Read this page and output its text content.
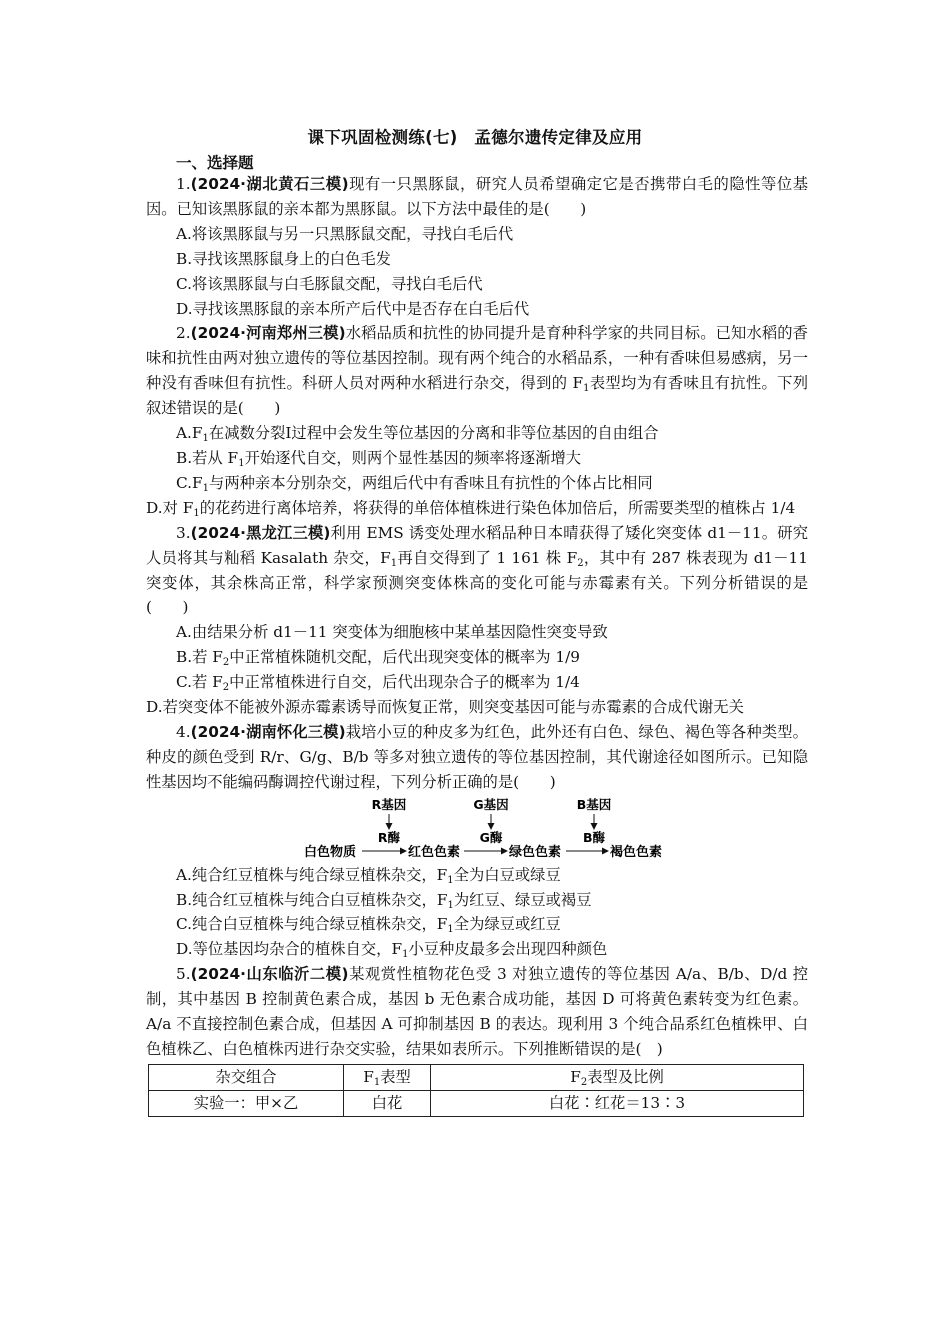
课下巩固检测练(七)　孟德尔遗传定律及应用
一、选择题
1.(2024·湖北黄石三模)现有一只黑豚鼠，研究人员希望确定它是否携带白毛的隐性等位基因。已知该黑豚鼠的亲本都为黑豚鼠。以下方法中最佳的是(　　)
A.将该黑豚鼠与另一只黑豚鼠交配，寻找白毛后代
B.寻找该黑豚鼠身上的白色毛发
C.将该黑豚鼠与白毛豚鼠交配，寻找白毛后代
D.寻找该黑豚鼠的亲本所产后代中是否存在白毛后代
2.(2024·河南郑州三模)水稻品质和抗性的协同提升是育种科学家的共同目标。已知水稻的香味和抗性由两对独立遗传的等位基因控制。现有两个纯合的水稻品系，一种有香味但易感病，另一种没有香味但有抗性。科研人员对两种水稻进行杂交，得到的 $F_1$表型均为有香味且有抗性。下列叙述错误的是(　　)
$A.F_1$在减数分裂Ⅰ过程中会发生等位基因的分离和非等位基因的自由组合
B.若从 $F_1$开始逐代自交，则两个显性基因的频率将逐渐增大
$C.F_1$与两种亲本分别杂交，两组后代中有香味且有抗性的个体占比相同
D.对 $F_1$的花药进行离体培养，将获得的单倍体植株进行染色体加倍后，所需要类型的植株占 1/4
3.(2024·黑龙江三模)利用 EMS 诱变处理水稻品种日本晴获得了矮化突变体 d1－11。研究人员将其与籼稻 Kasalath 杂交，$F_1$再自交得到了 1 161 株 $F_2$，其中有 287 株表现为 d1－11 突变体，其余株高正常，科学家预测突变体株高的变化可能与赤霉素有关。下列分析错误的是(　　)
A.由结果分析 d1－11 突变体为细胞核中某单基因隐性突变导致
B.若 $F_2$中正常植株随机交配，后代出现突变体的概率为 1/9
C.若 $F_2$中正常植株进行自交，后代出现杂合子的概率为 1/4
D.若突变体不能被外源赤霉素诱导而恢复正常，则突变基因可能与赤霉素的合成代谢无关
4.(2024·湖南怀化三模)栽培小豆的种皮多为红色，此外还有白色、绿色、褐色等各种类型。种皮的颜色受到 R/r、G/g、B/b 等多对独立遗传的等位基因控制，其代谢途径如图所示。已知隐性基因均不能编码酶调控代谢过程，下列分析正确的是(　　)
R基因	G基因	B基因
R酶	G酶	B酶
白色物质	红色色素	绿色色素	褐色色素
A.纯合红豆植株与纯合绿豆植株杂交，$F_1$全为白豆或绿豆
B.纯合红豆植株与纯合白豆植株杂交，$F_1$为红豆、绿豆或褐豆
C.纯合白豆植株与纯合绿豆植株杂交，$F_1$全为绿豆或红豆
D.等位基因均杂合的植株自交，$F_1$小豆种皮最多会出现四种颜色
5.(2024·山东临沂二模)某观赏性植物花色受 3 对独立遗传的等位基因 A/a、B/b、D/d 控制，其中基因 B 控制黄色素合成，基因 b 无色素合成功能，基因 D 可将黄色素转变为红色素。A/a 不直接控制色素合成，但基因 A 可抑制基因 B 的表达。现利用 3 个纯合品系红色植株甲、白色植株乙、白色植株丙进行杂交实验，结果如表所示。下列推断错误的是(　)
杂交组合	$F_1$表型	$F_2$表型及比例
实验一：甲×乙	白花	白花∶红花＝13∶3
